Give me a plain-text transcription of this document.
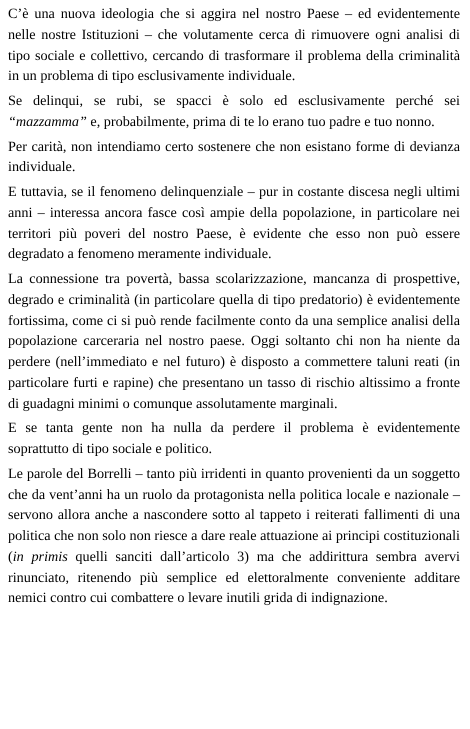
C’è una nuova ideologia che si aggira nel nostro Paese – ed evidentemente nelle nostre Istituzioni – che volutamente cerca di rimuovere ogni analisi di tipo sociale e collettivo, cercando di trasformare il problema della criminalità in un problema di tipo esclusivamente individuale.

Se delinqui, se rubi, se spacci è solo ed esclusivamente perché sei “mazzamma” e, probabilmente, prima di te lo erano tuo padre e tuo nonno.

Per carità, non intendiamo certo sostenere che non esistano forme di devianza individuale.

E tuttavia, se il fenomeno delinquenziale – pur in costante discesa negli ultimi anni – interessa ancora fasce così ampie della popolazione, in particolare nei territori più poveri del nostro Paese, è evidente che esso non può essere degradato a fenomeno meramente individuale.

La connessione tra povertà, bassa scolarizzazione, mancanza di prospettive, degrado e criminalità (in particolare quella di tipo predatorio) è evidentemente fortissima, come ci si può rende facilmente conto da una semplice analisi della popolazione carceraria nel nostro paese. Oggi soltanto chi non ha niente da perdere (nell’immediato e nel futuro) è disposto a commettere taluni reati (in particolare furti e rapine) che presentano un tasso di rischio altissimo a fronte di guadagni minimi o comunque assolutamente marginali.

E se tanta gente non ha nulla da perdere il problema è evidentemente soprattutto di tipo sociale e politico.

Le parole del Borrelli – tanto più irridenti in quanto provenienti da un soggetto che da vent’anni ha un ruolo da protagonista nella politica locale e nazionale – servono allora anche a nascondere sotto al tappeto i reiterati fallimenti di una politica che non solo non riesce a dare reale attuazione ai principi costituzionali (in primis quelli sanciti dall’articolo 3) ma che addirittura sembra avervi rinunciato, ritenendo più semplice ed elettoralmente conveniente additare nemici contro cui combattere o levare inutili grida di indignazione.
